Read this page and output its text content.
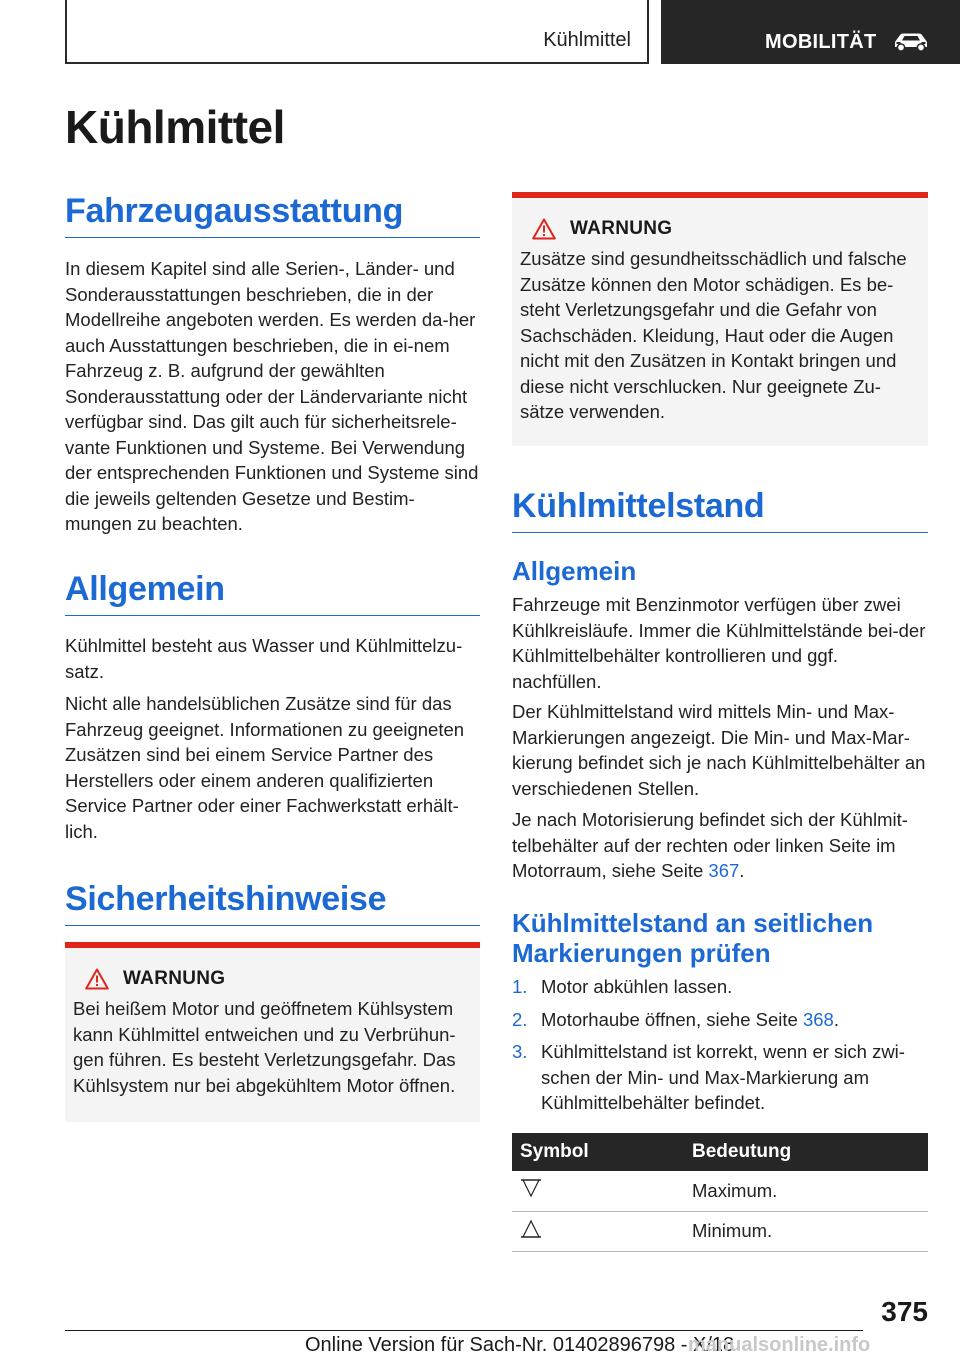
Kühlmittel	MOBILITÄT
Kühlmittel
Fahrzeugausstattung

In diesem Kapitel sind alle Serien-, Länder- und Sonderausstattungen beschrieben, die in der Modellreihe angeboten werden. Es werden da-her auch Ausstattungen beschrieben, die in ei-nem Fahrzeug z. B. aufgrund der gewählten Sonderausstattung oder der Ländervariante nicht verfügbar sind. Das gilt auch für sicherheitsrele-vante Funktionen und Systeme. Bei Verwendung der entsprechenden Funktionen und Systeme sind die jeweils geltenden Gesetze und Bestim-mungen zu beachten.

Allgemein

Kühlmittel besteht aus Wasser und Kühlmittelzu-satz.

Nicht alle handelsüblichen Zusätze sind für das Fahrzeug geeignet. Informationen zu geeigneten Zusätzen sind bei einem Service Partner des Herstellers oder einem anderen qualifizierten Service Partner oder einer Fachwerkstatt erhält-lich.

Sicherheitshinweise
WARNUNG

Bei heißem Motor und geöffnetem Kühlsystem kann Kühlmittel entweichen und zu Verbrühun-gen führen. Es besteht Verletzungsgefahr. Das Kühlsystem nur bei abgekühltem Motor öffnen.

WARNUNG

Zusätze sind gesundheitsschädlich und falsche Zusätze können den Motor schädigen. Es be-steht Verletzungsgefahr und die Gefahr von Sachschäden. Kleidung, Haut oder die Augen nicht mit den Zusätzen in Kontakt bringen und diese nicht verschlucken. Nur geeignete Zu-sätze verwenden.

Kühlmittelstand
Allgemein

Fahrzeuge mit Benzinmotor verfügen über zwei Kühlkreisläufe. Immer die Kühlmittelstände bei-der Kühlmittelbehälter kontrollieren und ggf. nachfüllen.

Der Kühlmittelstand wird mittels Min- und Max-Markierungen angezeigt. Die Min- und Max-Mar-kierung befindet sich je nach Kühlmittelbehälter an verschiedenen Stellen.

Je nach Motorisierung befindet sich der Kühlmit-telbehälter auf der rechten oder linken Seite im Motorraum, siehe Seite 367.

Kühlmittelstand an seitlichen Markierungen prüfen
1. Motor abkühlen lassen.
2. Motorhaube öffnen, siehe Seite 368.
3. Kühlmittelstand ist korrekt, wenn er sich zwi-schen der Min- und Max-Markierung am Kühlmittelbehälter befindet.
Symbol	Bedeutung
	Maximum.
	Minimum.
375
Online Version für Sach-Nr. 01402896798 - X/18
manualsonline.info
